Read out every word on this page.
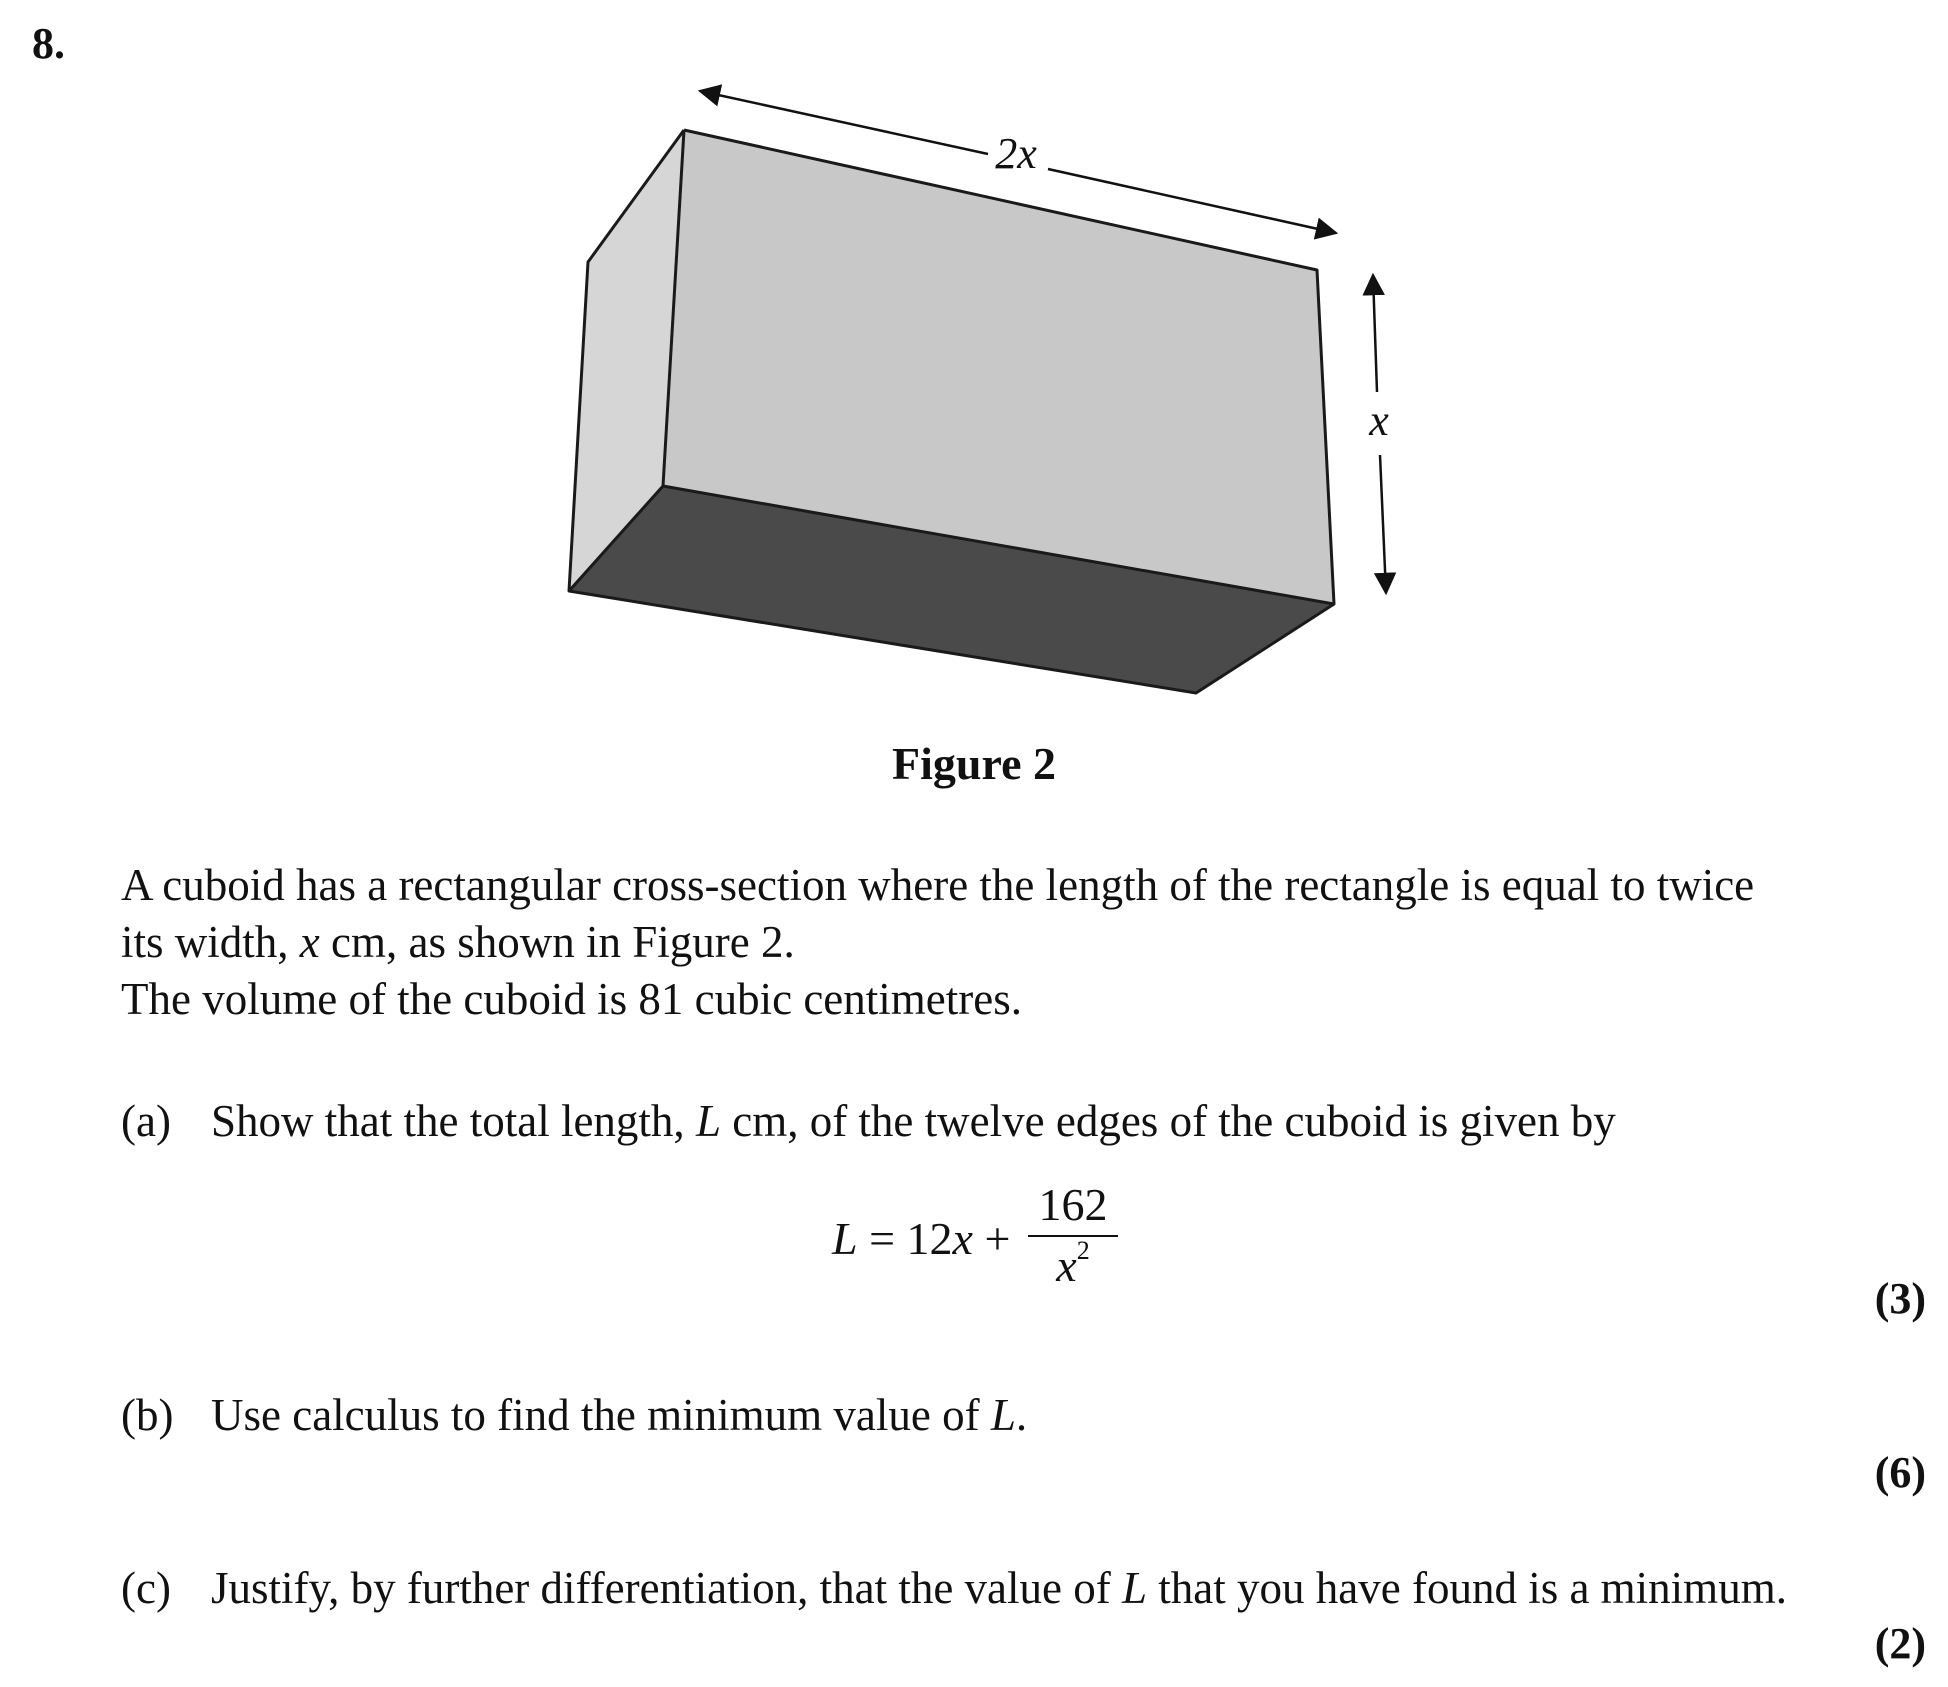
8.
2x
x
Figure 2

A cuboid has a rectangular cross-section where the length of the rectangle is equal to twice

its width, x cm, as shown in Figure 2.

The volume of the cuboid is 81 cubic centimetres.

(a) Show that the total length, L cm, of the twelve edges of the cuboid is given by
L = 12x +
162
$x^2$
(3)
(b) Use calculus to find the minimum value of L.
(6)
(c) Justify, by further differentiation, that the value of L that you have found is a minimum.
(2)
